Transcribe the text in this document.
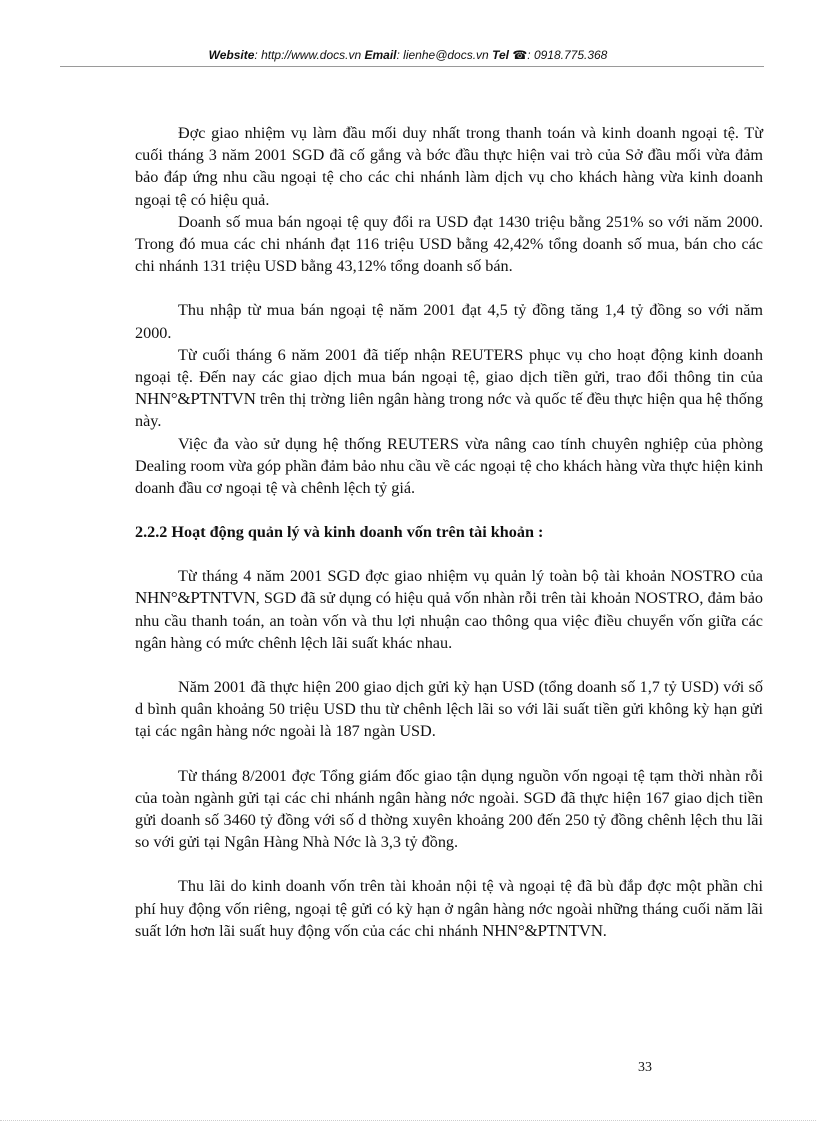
Website: http://www.docs.vn Email: lienhe@docs.vn Tel ☎: 0918.775.368

Đợc giao nhiệm vụ làm đầu mối duy nhất trong thanh toán và kinh doanh ngoại tệ. Từ cuối tháng 3 năm 2001 SGD đã cố gắng và bớc đầu thực hiện vai trò của Sở đầu mối vừa đảm bảo đáp ứng nhu cầu ngoại tệ cho các chi nhánh làm dịch vụ cho khách hàng vừa kinh doanh ngoại tệ có hiệu quả.

Doanh số mua bán ngoại tệ quy đổi ra USD đạt 1430 triệu bằng 251% so với năm 2000. Trong đó mua các chi nhánh đạt 116 triệu USD bằng 42,42% tổng doanh số mua, bán cho các chi nhánh 131 triệu USD bằng 43,12% tổng doanh số bán.

Thu nhập từ mua bán ngoại tệ năm 2001 đạt 4,5 tỷ đồng tăng 1,4 tỷ đồng so với năm 2000.

Từ cuối tháng 6 năm 2001 đã tiếp nhận REUTERS phục vụ cho hoạt động kinh doanh ngoại tệ. Đến nay các giao dịch mua bán ngoại tệ, giao dịch tiền gửi, trao đổi thông tin của NHN°&PTNTVN trên thị trờng liên ngân hàng trong nớc và quốc tế đều thực hiện qua hệ thống này.

Việc đa vào sử dụng hệ thống REUTERS vừa nâng cao tính chuyên nghiệp của phòng Dealing room vừa góp phần đảm bảo nhu cầu về các ngoại tệ cho khách hàng vừa thực hiện kinh doanh đầu cơ ngoại tệ và chênh lệch tỷ giá.

2.2.2 Hoạt động quản lý và kinh doanh vốn trên tài khoản :

Từ tháng 4 năm 2001 SGD đợc giao nhiệm vụ quản lý toàn bộ tài khoản NOSTRO của NHN°&PTNTVN, SGD đã sử dụng có hiệu quả vốn nhàn rỗi trên tài khoản NOSTRO, đảm bảo nhu cầu thanh toán, an toàn vốn và thu lợi nhuận cao thông qua việc điều chuyển vốn giữa các ngân hàng có mức chênh lệch lãi suất khác nhau.

Năm 2001 đã thực hiện 200 giao dịch gửi kỳ hạn USD (tổng doanh số 1,7 tỷ USD) với số d bình quân khoảng 50 triệu USD thu từ chênh lệch lãi so với lãi suất tiền gửi không kỳ hạn gửi tại các ngân hàng nớc ngoài là 187 ngàn USD.

Từ tháng 8/2001 đợc Tổng giám đốc giao tận dụng nguồn vốn ngoại tệ tạm thời nhàn rỗi của toàn ngành gửi tại các chi nhánh ngân hàng nớc ngoài. SGD đã thực hiện 167 giao dịch tiền gửi doanh số 3460 tỷ đồng với số d thờng xuyên khoảng 200 đến 250 tỷ đồng chênh lệch thu lãi so với gửi tại Ngân Hàng Nhà Nớc là 3,3 tỷ đồng.

Thu lãi do kinh doanh vốn trên tài khoản nội tệ và ngoại tệ đã bù đắp đợc một phần chi phí huy động vốn riêng, ngoại tệ gửi có kỳ hạn ở ngân hàng nớc ngoài những tháng cuối năm lãi suất lớn hơn lãi suất huy động vốn của các chi nhánh NHN°&PTNTVN.

33
